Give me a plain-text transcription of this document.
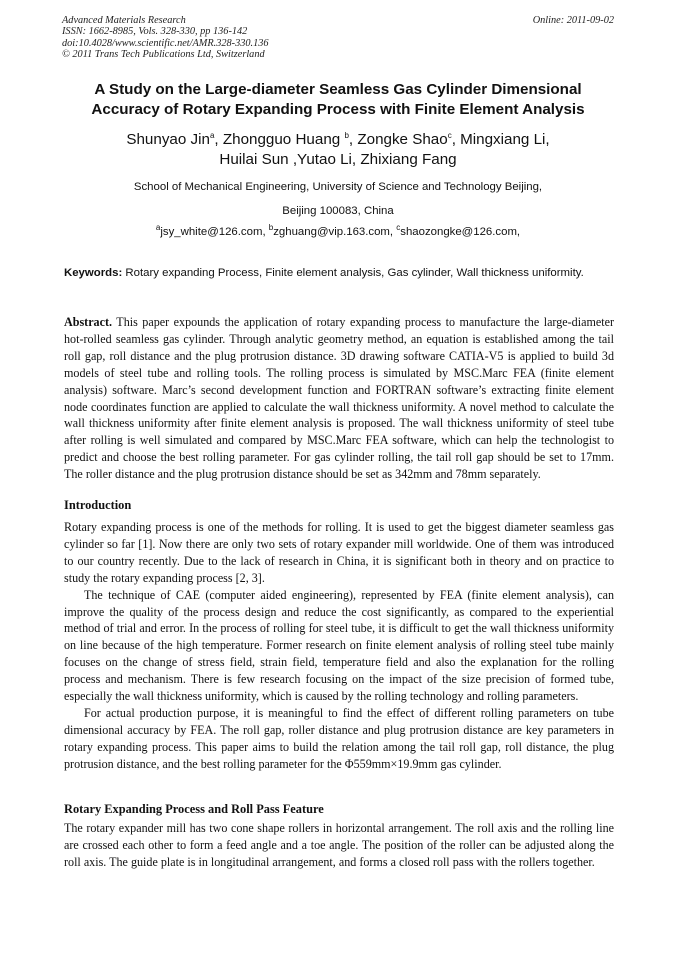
Advanced Materials Research
ISSN: 1662-8985, Vols. 328-330, pp 136-142
doi:10.4028/www.scientific.net/AMR.328-330.136
© 2011 Trans Tech Publications Ltd, Switzerland
Online: 2011-09-02
A Study on the Large-diameter Seamless Gas Cylinder Dimensional
Accuracy of Rotary Expanding Process with Finite Element Analysis
Shunyao Jin$^a$, Zhongguo Huang $^b$, Zongke Shao$^c$, Mingxiang Li,
Huilai Sun ,Yutao Li, Zhixiang Fang
School of Mechanical Engineering, University of Science and Technology Beijing,
Beijing 100083, China
$^a$jsy_white@126.com, $^b$zghuang@vip.163.com, $^c$shaozongke@126.com,
Keywords: Rotary expanding Process, Finite element analysis, Gas cylinder, Wall thickness uniformity.
Abstract. This paper expounds the application of rotary expanding process to manufacture the large-diameter hot-rolled seamless gas cylinder. Through analytic geometry method, an equation is established among the tail roll gap, roll distance and the plug protrusion distance. 3D drawing software CATIA-V5 is applied to build 3d models of steel tube and rolling tools. The rolling process is simulated by MSC.Marc FEA (finite element analysis) software. Marc’s second development function and FORTRAN software’s extracting finite element node coordinates function are applied to calculate the wall thickness uniformity. A novel method to calculate the wall thickness uniformity after finite element analysis is proposed. The wall thickness uniformity of steel tube after rolling is well simulated and compared by MSC.Marc FEA software, which can help the technologist to predict and choose the best rolling parameter. For gas cylinder rolling, the tail roll gap should be set to 17mm. The roller distance and the plug protrusion distance should be set as 342mm and 78mm separately.
Introduction

Rotary expanding process is one of the methods for rolling. It is used to get the biggest diameter seamless gas cylinder so far [1]. Now there are only two sets of rotary expander mill worldwide. One of them was introduced to our country recently. Due to the lack of research in China, it is significant both in theory and on practice to study the rotary expanding process [2, 3].

The technique of CAE (computer aided engineering), represented by FEA (finite element analysis), can improve the quality of the process design and reduce the cost significantly, as compared to the experiential method of trial and error. In the process of rolling for steel tube, it is difficult to get the wall thickness uniformity on line because of the high temperature. Former research on finite element analysis of rolling steel tube mainly focuses on the change of stress field, strain field, temperature field and also the explanation for the rolling process and mechanism. There is few research focusing on the impact of the size precision of formed tube, especially the wall thickness uniformity, which is caused by the rolling technology and rolling parameters.

For actual production purpose, it is meaningful to find the effect of different rolling parameters on tube dimensional accuracy by FEA. The roll gap, roller distance and plug protrusion distance are key parameters in rotary expanding process. This paper aims to build the relation among the tail roll gap, roll distance, the plug protrusion distance, and the best rolling parameter for the Φ559mm×19.9mm gas cylinder.

Rotary Expanding Process and Roll Pass Feature

The rotary expander mill has two cone shape rollers in horizontal arrangement. The roll axis and the rolling line are crossed each other to form a feed angle and a toe angle. The position of the roller can be adjusted along the roll axis. The guide plate is in longitudinal arrangement, and forms a closed roll pass with the rollers together.
